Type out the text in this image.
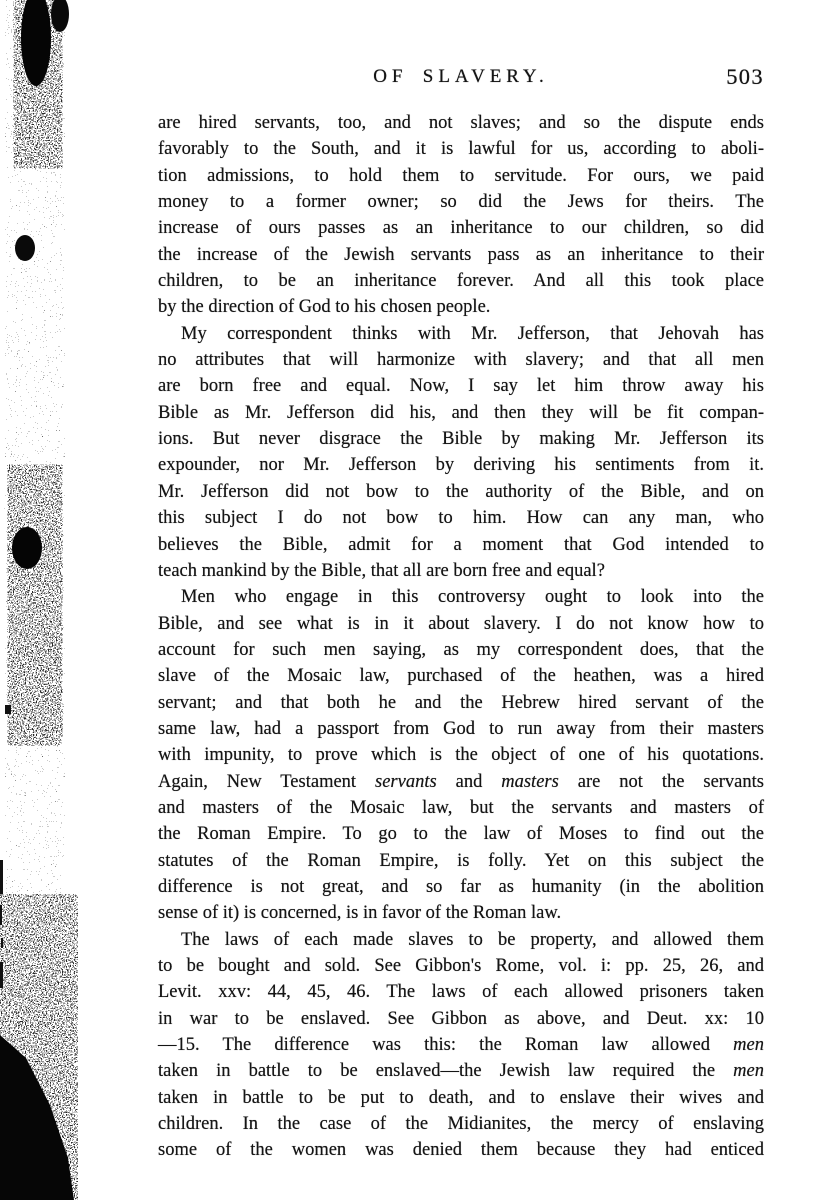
OF SLAVERY.	503
are hired servants, too, and not slaves; and so the dispute ends
favorably to the South, and it is lawful for us, according to aboli-
tion admissions, to hold them to servitude. For ours, we paid
money to a former owner; so did the Jews for theirs. The
increase of ours passes as an inheritance to our children, so did
the increase of the Jewish servants pass as an inheritance to their
children, to be an inheritance forever. And all this took place
by the direction of God to his chosen people.
My correspondent thinks with Mr. Jefferson, that Jehovah has
no attributes that will harmonize with slavery; and that all men
are born free and equal. Now, I say let him throw away his
Bible as Mr. Jefferson did his, and then they will be fit compan-
ions. But never disgrace the Bible by making Mr. Jefferson its
expounder, nor Mr. Jefferson by deriving his sentiments from it.
Mr. Jefferson did not bow to the authority of the Bible, and on
this subject I do not bow to him. How can any man, who
believes the Bible, admit for a moment that God intended to
teach mankind by the Bible, that all are born free and equal?
Men who engage in this controversy ought to look into the
Bible, and see what is in it about slavery. I do not know how to
account for such men saying, as my correspondent does, that the
slave of the Mosaic law, purchased of the heathen, was a hired
servant; and that both he and the Hebrew hired servant of the
same law, had a passport from God to run away from their masters
with impunity, to prove which is the object of one of his quotations.
Again, New Testament servants and masters are not the servants
and masters of the Mosaic law, but the servants and masters of
the Roman Empire. To go to the law of Moses to find out the
statutes of the Roman Empire, is folly. Yet on this subject the
difference is not great, and so far as humanity (in the abolition
sense of it) is concerned, is in favor of the Roman law.
The laws of each made slaves to be property, and allowed them
to be bought and sold. See Gibbon's Rome, vol. i: pp. 25, 26, and
Levit. xxv: 44, 45, 46. The laws of each allowed prisoners taken
in war to be enslaved. See Gibbon as above, and Deut. xx: 10
—15. The difference was this: the Roman law allowed men
taken in battle to be enslaved—the Jewish law required the men
taken in battle to be put to death, and to enslave their wives and
children. In the case of the Midianites, the mercy of enslaving
some of the women was denied them because they had enticed
